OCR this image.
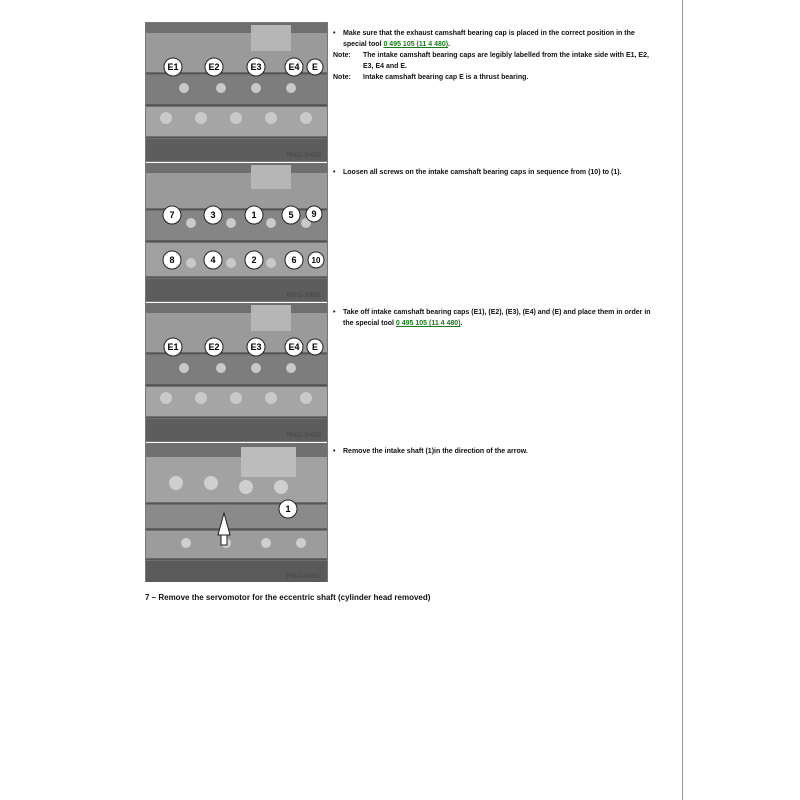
E1	E2	E3	E4 E
RM11-30650
7	3	1	5 9
8	4	2	6 10
RM11-30651
E1	E2	E3	E4 E
RM11-30650
1
RM11-30652
•	Make sure that the exhaust camshaft bearing cap is placed in the correct position in the special tool 0 495 105 (11 4 480).

Note:	The intake camshaft bearing caps are legibly labelled from the intake side with E1, E2, E3, E4 and E.

Note:	Intake camshaft bearing cap E is a thrust bearing.

•	Loosen all screws on the intake camshaft bearing caps in sequence from (10) to (1).

•	Take off intake camshaft bearing caps (E1), (E2), (E3), (E4) and (E) and place them in order in the special tool 0 495 105 (11 4 480).

•	Remove the intake shaft (1)in the direction of the arrow.

7 – Remove the servomotor for the eccentric shaft (cylinder head removed)
